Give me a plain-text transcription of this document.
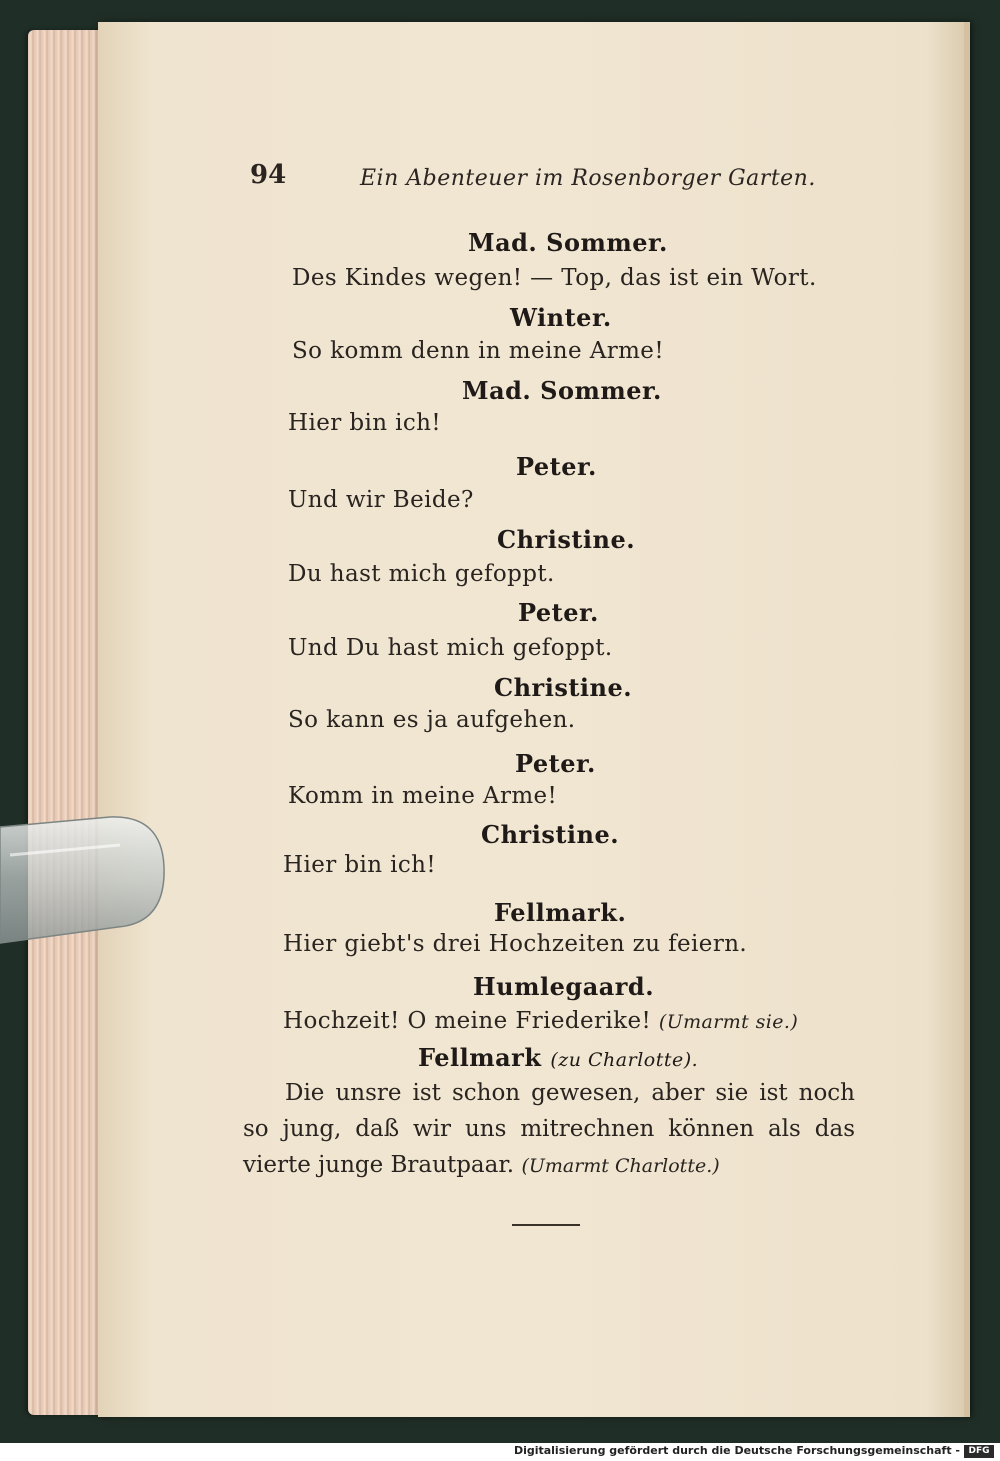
94	Ein Abenteuer im Rosenborger Garten.
Mad. Sommer.
Des Kindes wegen! — Top, das ist ein Wort.
Winter.
So komm denn in meine Arme!
Mad. Sommer.
Hier bin ich!
Peter.
Und wir Beide?
Christine.
Du hast mich gefoppt.
Peter.
Und Du hast mich gefoppt.
Christine.
So kann es ja aufgehen.
Peter.
Komm in meine Arme!
Christine.
Hier bin ich!
Fellmark.
Hier giebt's drei Hochzeiten zu feiern.
Humlegaard.
Hochzeit! O meine Friederike! (Umarmt sie.)
Fellmark (zu Charlotte).
Die unsre ist schon gewesen, aber sie ist noch so jung, daß wir uns mitrechnen können als das vierte junge Brautpaar. (Umarmt Charlotte.)
Digitalisierung gefördert durch die Deutsche Forschungsgemeinschaft - DFG
